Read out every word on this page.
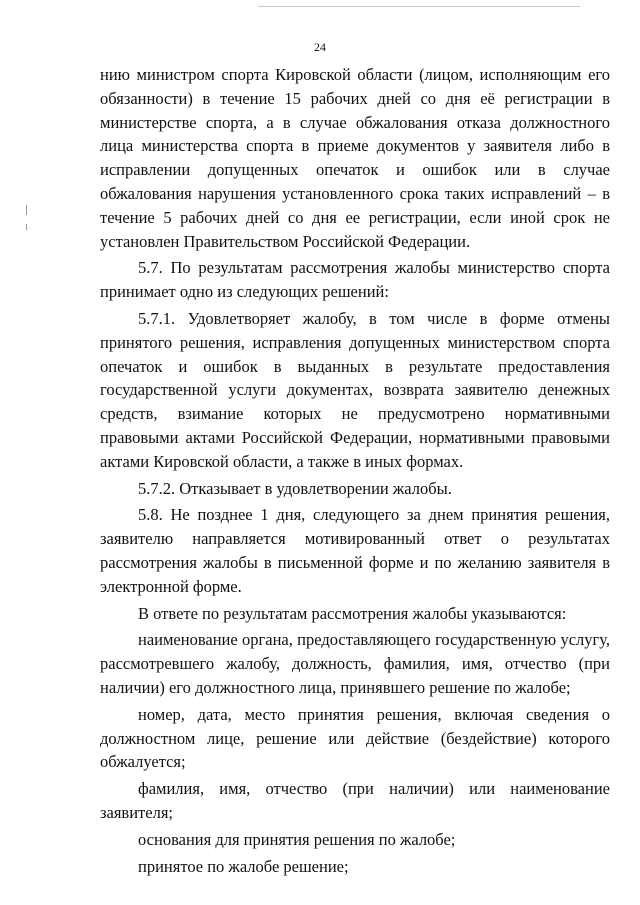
24

нию министром спорта Кировской области (лицом, исполняющим его обязанности) в течение 15 рабочих дней со дня её регистрации в министерстве спорта, а в случае обжалования отказа должностного лица министерства спорта в приеме документов у заявителя либо в исправлении допущенных опечаток и ошибок или в случае обжалования нарушения установленного срока таких исправлений – в течение 5 рабочих дней со дня ее регистрации, если иной срок не установлен Правительством Российской Федерации.

5.7. По результатам рассмотрения жалобы министерство спорта принимает одно из следующих решений:

5.7.1. Удовлетворяет жалобу, в том числе в форме отмены принятого решения, исправления допущенных министерством спорта опечаток и ошибок в выданных в результате предоставления государственной услуги документах, возврата заявителю денежных средств, взимание которых не предусмотрено нормативными правовыми актами Российской Федерации, нормативными правовыми актами Кировской области, а также в иных формах.

5.7.2. Отказывает в удовлетворении жалобы.

5.8. Не позднее 1 дня, следующего за днем принятия решения, заявителю направляется мотивированный ответ о результатах рассмотрения жалобы в письменной форме и по желанию заявителя в электронной форме.

В ответе по результатам рассмотрения жалобы указываются:

наименование органа, предоставляющего государственную услугу, рассмотревшего жалобу, должность, фамилия, имя, отчество (при наличии) его должностного лица, принявшего решение по жалобе;

номер, дата, место принятия решения, включая сведения о должностном лице, решение или действие (бездействие) которого обжалуется;

фамилия, имя, отчество (при наличии) или наименование заявителя;

основания для принятия решения по жалобе;

принятое по жалобе решение;
